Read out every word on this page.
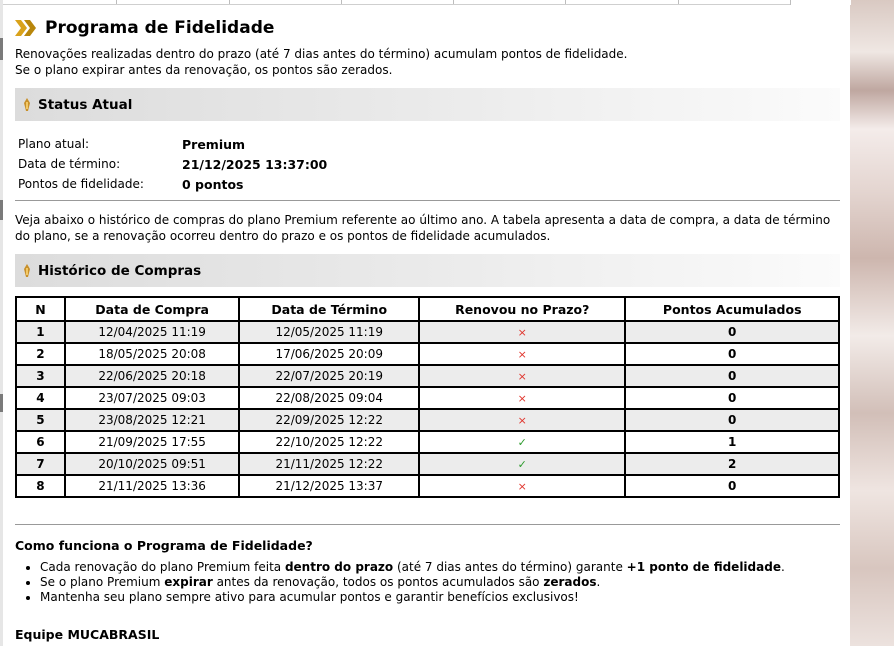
Programa de Fidelidade
Renovações realizadas dentro do prazo (até 7 dias antes do término) acumulam pontos de fidelidade.
Se o plano expirar antes da renovação, os pontos são zerados.
Status Atual
Plano atual:	Premium
Data de término:	21/12/2025 13:37:00
Pontos de fidelidade:	0 pontos
Veja abaixo o histórico de compras do plano Premium referente ao último ano. A tabela apresenta a data de compra, a data de término do plano, se a renovação ocorreu dentro do prazo e os pontos de fidelidade acumulados.
Histórico de Compras
N	Data de Compra	Data de Término	Renovou no Prazo?	Pontos Acumulados
1	12/04/2025 11:19	12/05/2025 11:19	×	0
2	18/05/2025 20:08	17/06/2025 20:09	×	0
3	22/06/2025 20:18	22/07/2025 20:19	×	0
4	23/07/2025 09:03	22/08/2025 09:04	×	0
5	23/08/2025 12:21	22/09/2025 12:22	×	0
6	21/09/2025 17:55	22/10/2025 12:22	✓	1
7	20/10/2025 09:51	21/11/2025 12:22	✓	2
8	21/11/2025 13:36	21/12/2025 13:37	×	0
Como funciona o Programa de Fidelidade?
• Cada renovação do plano Premium feita dentro do prazo (até 7 dias antes do término) garante +1 ponto de fidelidade.
• Se o plano Premium expirar antes da renovação, todos os pontos acumulados são zerados.
• Mantenha seu plano sempre ativo para acumular pontos e garantir benefícios exclusivos!
Equipe MUCABRASIL
